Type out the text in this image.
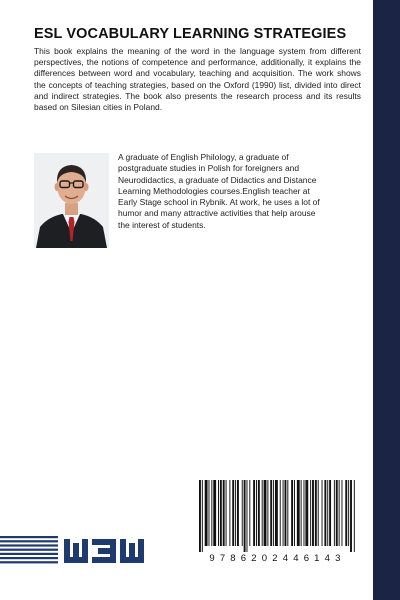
ESL VOCABULARY LEARNING STRATEGIES

This book explains the meaning of the word in the language system from different perspectives, the notions of competence and performance, additionally, it explains the differences between word and vocabulary, teaching and acquisition. The work shows the concepts of teaching strategies, based on the Oxford (1990) list, divided into direct and indirect strategies. The book also presents the research process and its results based on Silesian cities in Poland.

A graduate of English Philology, a graduate of postgraduate studies in Polish for foreigners and Neurodidactics, a graduate of Didactics and Distance Learning Methodologies courses.English teacher at Early Stage school in Rybnik. At work, he uses a lot of humor and many attractive activities that help arouse the interest of students.

9786202446143
